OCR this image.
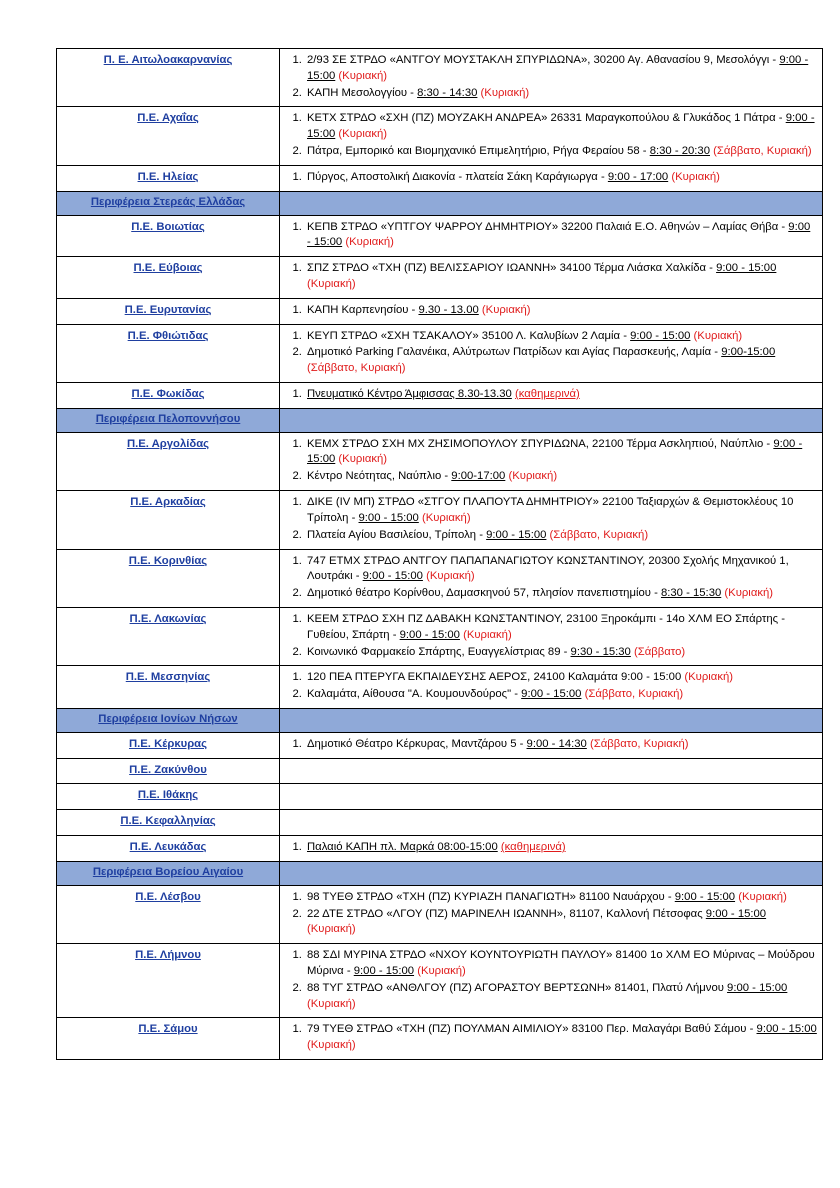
Π. Ε. Αιτωλοακαρνανίας	
1.2/93 ΣΕ ΣΤΡΔΟ «ΑΝΤΓΟΥ ΜΟΥΣΤΑΚΛΗ ΣΠΥΡΙΔΩΝΑ», 30200 Αγ. Αθανασίου 9, Μεσολόγγι - 9:00 - 15:00 (Κυριακή)
2. ΚΑΠΗ Μεσολογγίου - 8:30 - 14:30 (Κυριακή)

Π.Ε. Αχαΐας	
1.ΚΕΤΧ ΣΤΡΔΟ «ΣΧΗ (ΠΖ) ΜΟΥΖΑΚΗ ΑΝΔΡΕΑ» 26331 Μαραγκοπούλου & Γλυκάδος 1 Πάτρα - 9:00 - 15:00 (Κυριακή)
2. Πάτρα, Εμπορικό και Βιομηχανικό Επιμελητήριο, Ρήγα Φεραίου 58 - 8:30 - 20:30 (Σάββατο, Κυριακή)

Π.Ε. Ηλείας	
1.Πύργος, Αποστολική Διακονία - πλατεία Σάκη Καράγιωργα - 9:00 - 17:00 (Κυριακή)

Περιφέρεια Στερεάς Ελλάδας	

Π.Ε. Βοιωτίας	
1.ΚΕΠΒ ΣΤΡΔΟ «ΥΠΤΓΟΥ ΨΑΡΡΟΥ ΔΗΜΗΤΡΙΟΥ» 32200 Παλαιά Ε.Ο. Αθηνών – Λαμίας Θήβα - 9:00 - 15:00 (Κυριακή)

Π.Ε. Εύβοιας	
1.ΣΠΖ ΣΤΡΔΟ «ΤΧΗ (ΠΖ) ΒΕΛΙΣΣΑΡΙΟΥ ΙΩΑΝΝΗ» 34100 Τέρμα Λιάσκα Χαλκίδα - 9:00 - 15:00 (Κυριακή)

Π.Ε. Ευρυτανίας	
1.ΚΑΠΗ Καρπενησίου - 9.30 - 13.00 (Κυριακή)

Π.Ε. Φθιώτιδας	
1.ΚΕΥΠ ΣΤΡΔΟ «ΣΧΗ ΤΣΑΚΑΛΟΥ» 35100 Λ. Καλυβίων 2 Λαμία - 9:00 - 15:00 (Κυριακή)
2. Δημοτικό Parking Γαλανέικα, Αλύτρωτων Πατρίδων και Αγίας Παρασκευής, Λαμία - 9:00-15:00 (Σάββατο, Κυριακή)

Π.Ε. Φωκίδας	
1.Πνευματικό Κέντρο Άμφισσας 8.30-13.30 (καθημερινά)

Περιφέρεια Πελοποννήσου	

Π.Ε. Αργολίδας	
1.ΚΕΜΧ ΣΤΡΔΟ ΣΧΗ ΜΧ ΖΗΣΙΜΟΠΟΥΛΟΥ ΣΠΥΡΙΔΩΝΑ, 22100 Τέρμα Ασκληπιού, Ναύπλιο - 9:00 - 15:00 (Κυριακή)
2. Κέντρο Νεότητας, Ναύπλιο - 9:00-17:00 (Κυριακή)

Π.Ε. Αρκαδίας	
1.ΔΙΚΕ (IV ΜΠ) ΣΤΡΔΟ «ΣΤΓΟΥ ΠΛΑΠΟΥΤΑ ΔΗΜΗΤΡΙΟΥ» 22100 Ταξιαρχών & Θεμιστοκλέους 10 Τρίπολη - 9:00 - 15:00 (Κυριακή)
2. Πλατεία Αγίου Βασιλείου, Τρίπολη - 9:00 - 15:00 (Σάββατο, Κυριακή)

Π.Ε. Κορινθίας	
1.747 ΕΤΜΧ ΣΤΡΔΟ ΑΝΤΓΟΥ ΠΑΠΑΠΑΝΑΓΙΩΤΟΥ ΚΩΝΣΤΑΝΤΙΝΟΥ, 20300 Σχολής Μηχανικού 1, Λουτράκι - 9:00 - 15:00 (Κυριακή)
2. Δημοτικό θέατρο Κορίνθου, Δαμασκηνού 57, πλησίον πανεπιστημίου - 8:30 - 15:30 (Κυριακή)

Π.Ε. Λακωνίας	
1.ΚΕΕΜ ΣΤΡΔΟ ΣΧΗ ΠΖ ΔΑΒΑΚΗ ΚΩΝΣΤΑΝΤΙΝΟΥ, 23100 Ξηροκάμπι - 14ο ΧΛΜ ΕΟ Σπάρτης - Γυθείου, Σπάρτη - 9:00 - 15:00 (Κυριακή)
2. Κοινωνικό Φαρμακείο Σπάρτης, Ευαγγελίστριας 89 - 9:30 - 15:30 (Σάββατο)

Π.Ε. Μεσσηνίας	
1.120 ΠΕΑ ΠΤΕΡΥΓΑ ΕΚΠΑΙΔΕΥΣΗΣ ΑΕΡΟΣ, 24100 Καλαμάτα 9:00 - 15:00 (Κυριακή)
2. Καλαμάτα, Αίθουσα "Α. Κουμουνδούρος" - 9:00 - 15:00 (Σάββατο, Κυριακή)

Περιφέρεια Ιονίων Νήσων	

Π.Ε. Κέρκυρας	
1.Δημοτικό Θέατρο Κέρκυρας, Μαντζάρου 5 - 9:00 - 14:30 (Σάββατο, Κυριακή)

Π.Ε. Ζακύνθου	
Π.Ε. Ιθάκης	
Π.Ε. Κεφαλληνίας	
Π.Ε. Λευκάδας	
1.Παλαιό ΚΑΠΗ πλ. Μαρκά 08:00-15:00 (καθημερινά)

Περιφέρεια Βορείου Αιγαίου	

Π.Ε. Λέσβου	
1.98 ΤΥΕΘ ΣΤΡΔΟ «ΤΧΗ (ΠΖ) ΚΥΡΙΑΖΗ ΠΑΝΑΓΙΩΤΗ» 81100 Ναυάρχου - 9:00 - 15:00 (Κυριακή)
2. 22 ΔΤΕ ΣΤΡΔΟ «ΛΓΟΥ (ΠΖ) ΜΑΡΙΝΕΛΗ ΙΩΑΝΝΗ», 81107, Καλλονή Πέτσοφας 9:00 - 15:00 (Κυριακή)

Π.Ε. Λήμνου	
1.88 ΣΔΙ ΜΥΡΙΝΑ ΣΤΡΔΟ «ΝΧΟΥ ΚΟΥΝΤΟΥΡΙΩΤΗ ΠΑΥΛΟΥ» 81400 1ο ΧΛΜ ΕΟ Μύρινας – Μούδρου Μύρινα - 9:00 - 15:00 (Κυριακή)
2. 88 ΤΥΓ ΣΤΡΔΟ «ΑΝΘΛΓΟΥ (ΠΖ) ΑΓΟΡΑΣΤΟΥ ΒΕΡΤΣΩΝΗ» 81401, Πλατύ Λήμνου 9:00 - 15:00 (Κυριακή)

Π.Ε. Σάμου	
1.79 ΤΥΕΘ ΣΤΡΔΟ «ΤΧΗ (ΠΖ) ΠΟΥΛΜΑΝ ΑΙΜΙΛΙΟΥ» 83100 Περ. Μαλαγάρι Βαθύ Σάμου - 9:00 - 15:00 (Κυριακή)
